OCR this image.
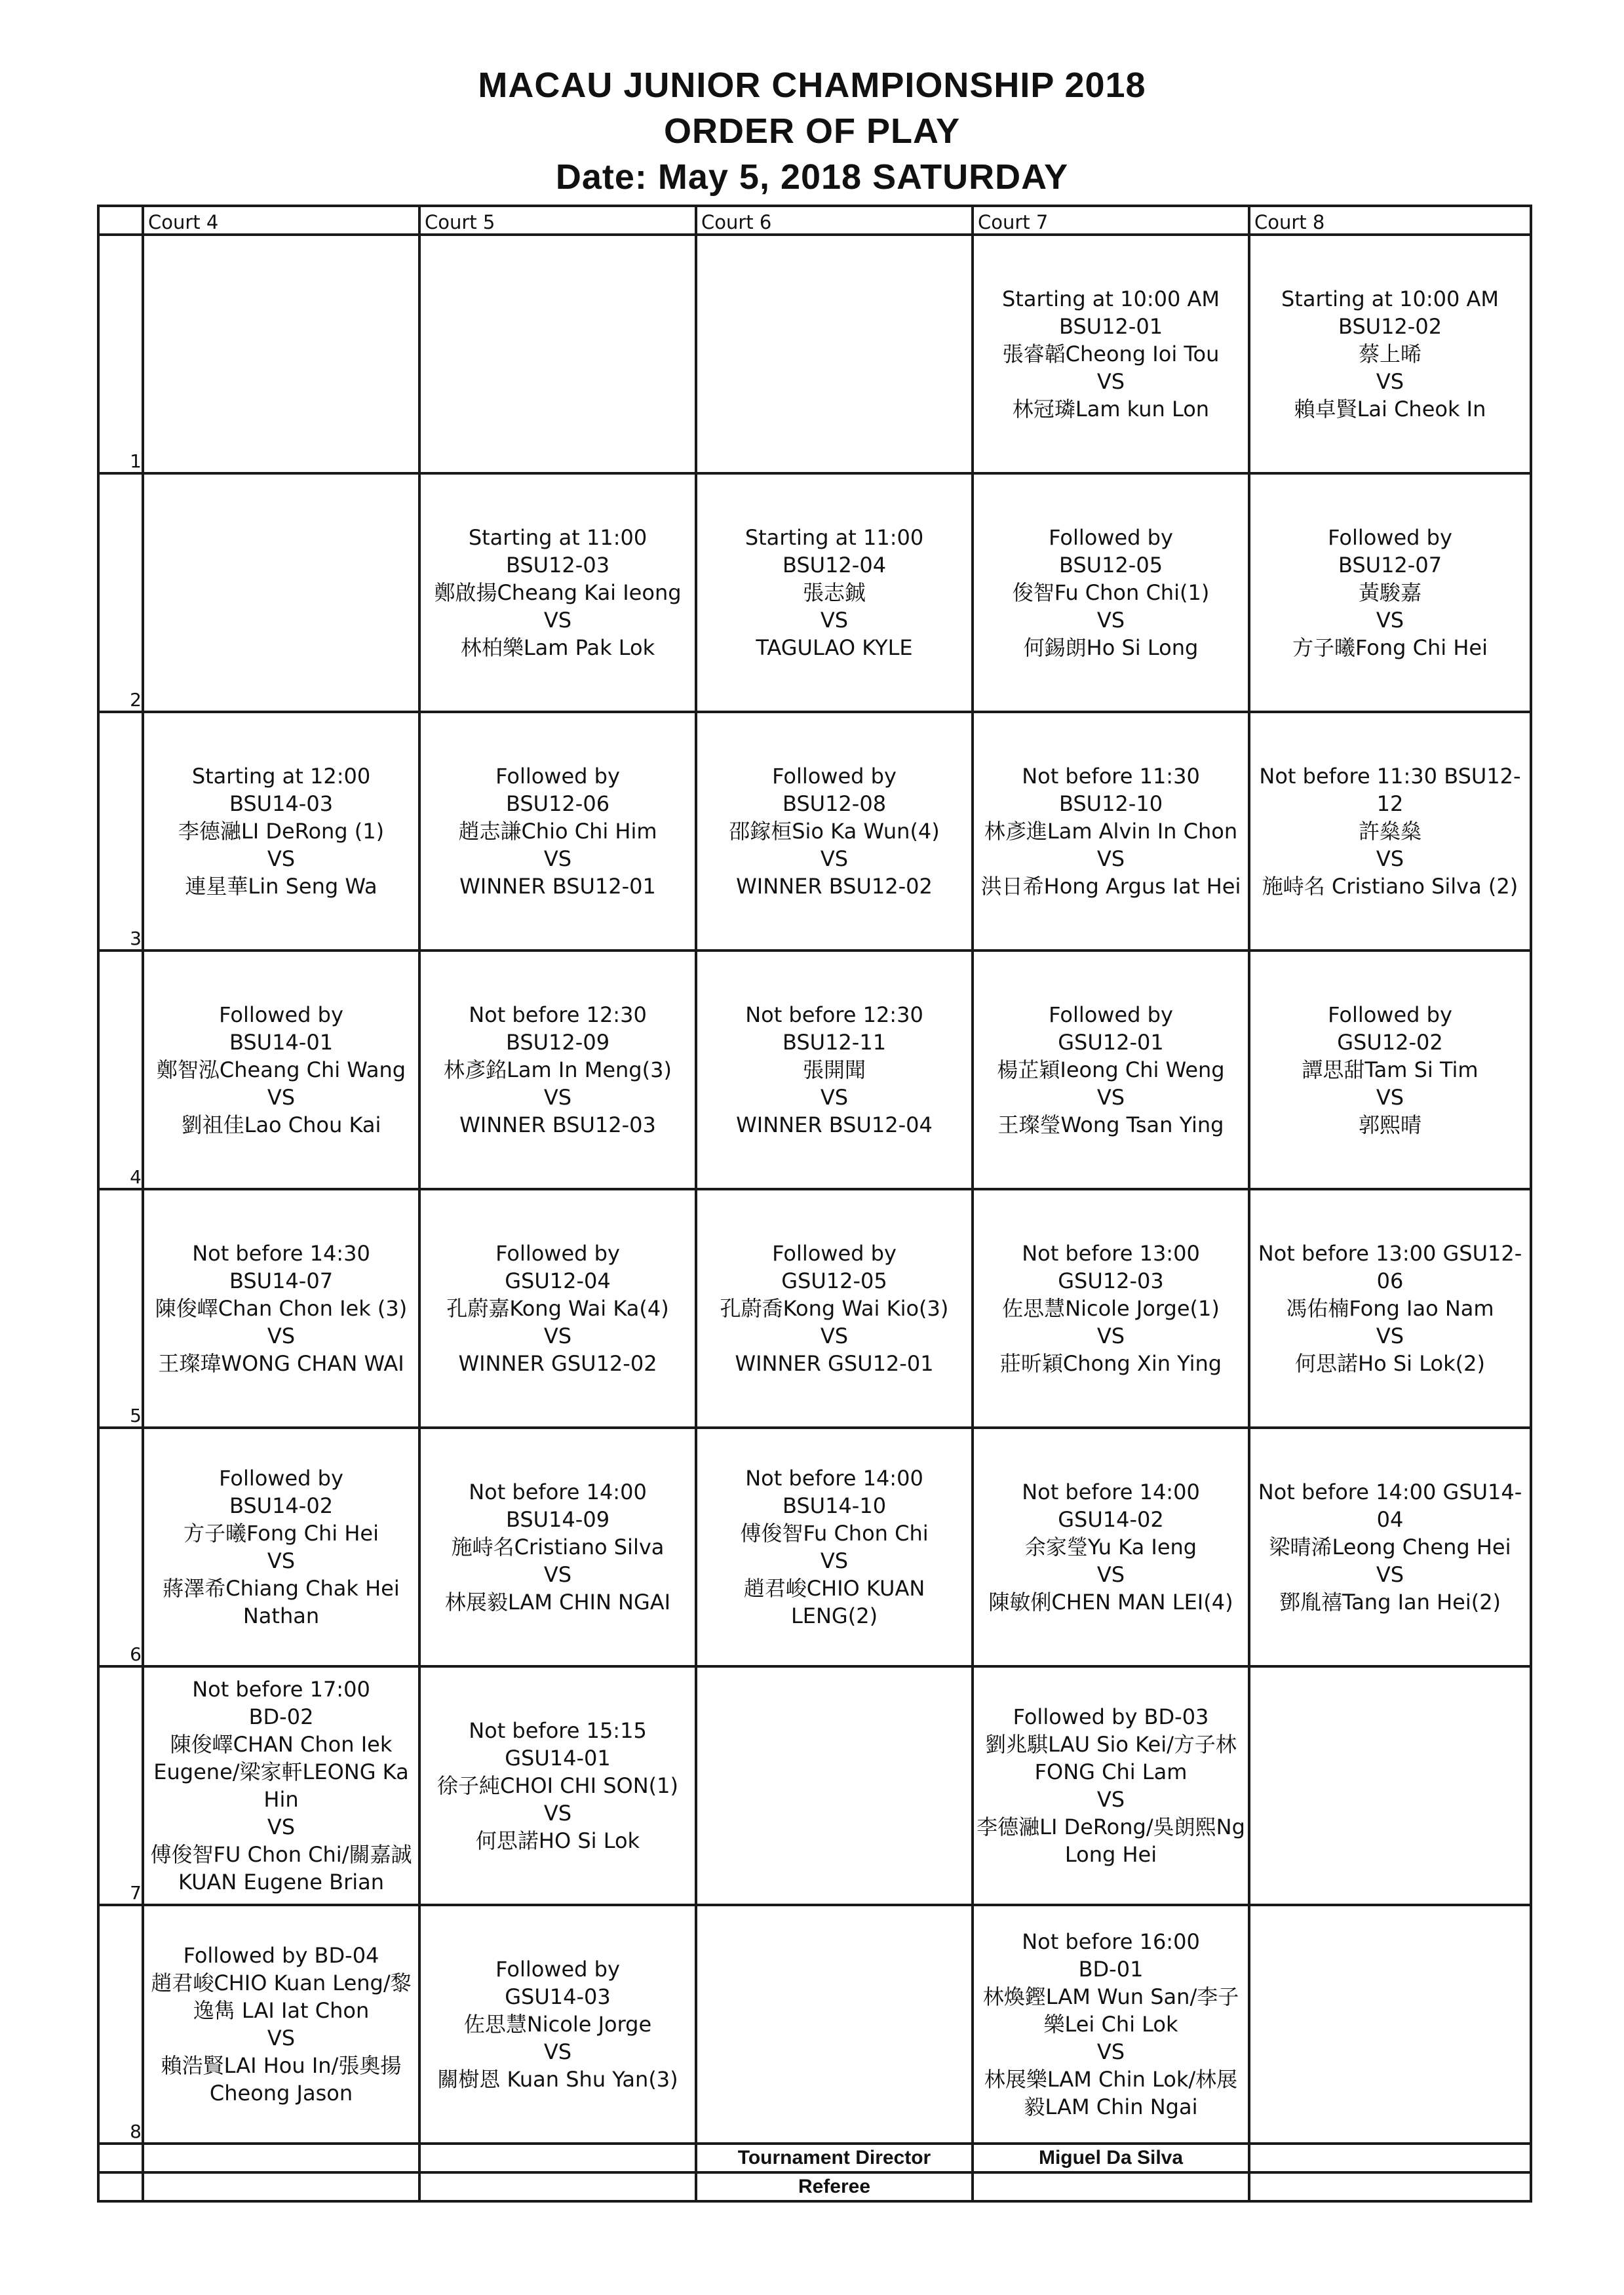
MACAU JUNIOR CHAMPIONSHIP 2018
ORDER OF PLAY
Date: May 5, 2018 SATURDAY
	Court 4	Court 5	Court 6	Court 7	Court 8
1				Starting at 10:00 AM
BSU12-01
張睿韜Cheong Ioi Tou
VS
林冠璘Lam kun Lon	Starting at 10:00 AM
BSU12-02
蔡上晞
VS
賴卓賢Lai Cheok In

2		Starting at 11:00
BSU12-03
鄭啟揚Cheang Kai Ieong
VS
林柏樂Lam Pak Lok	Starting at 11:00
BSU12-04
張志鋮
VS
TAGULAO KYLE	Followed by
BSU12-05
俊智Fu Chon Chi(1)
VS
何錫朗Ho Si Long	Followed by
BSU12-07
黃駿嘉
VS
方子曦Fong Chi Hei

3	Starting at 12:00
BSU14-03
李德瀜LI DeRong (1)
VS
連星華Lin Seng Wa	Followed by
BSU12-06
趙志謙Chio Chi Him
VS
WINNER BSU12-01	Followed by
BSU12-08
邵鎵桓Sio Ka Wun(4)
VS
WINNER BSU12-02	Not before 11:30
BSU12-10
林彥進Lam Alvin In Chon
VS
洪日希Hong Argus Iat Hei	Not before 11:30 BSU12-12
許燊燊
VS
施峙名 Cristiano Silva (2)

4	Followed by
BSU14-01
鄭智泓Cheang Chi Wang
VS
劉祖佳Lao Chou Kai	Not before 12:30
BSU12-09
林彥銘Lam In Meng(3)
VS
WINNER BSU12-03	Not before 12:30
BSU12-11
張開聞
VS
WINNER BSU12-04	Followed by
GSU12-01
楊芷穎Ieong Chi Weng
VS
王璨瑩Wong Tsan Ying	Followed by
GSU12-02
譚思甜Tam Si Tim
VS
郭熙晴

5	Not before 14:30
BSU14-07
陳俊嶧Chan Chon Iek (3)
VS
王璨瑋WONG CHAN WAI	Followed by
GSU12-04
孔蔚嘉Kong Wai Ka(4)
VS
WINNER GSU12-02	Followed by
GSU12-05
孔蔚喬Kong Wai Kio(3)
VS
WINNER GSU12-01	Not before 13:00
GSU12-03
佐思慧Nicole Jorge(1)
VS
莊昕穎Chong Xin Ying	Not before 13:00 GSU12-06
馮佑楠Fong Iao Nam
VS
何思諾Ho Si Lok(2)

6	Followed by
BSU14-02
方子曦Fong Chi Hei
VS
蔣澤希Chiang Chak Hei Nathan	Not before 14:00
BSU14-09
施峙名Cristiano Silva
VS
林展毅LAM CHIN NGAI	Not before 14:00
BSU14-10
傅俊智Fu Chon Chi
VS
趙君峻CHIO KUAN LENG(2)	Not before 14:00
GSU14-02
余家瑩Yu Ka Ieng
VS
陳敏俐CHEN MAN LEI(4)	Not before 14:00 GSU14-04
梁晴浠Leong Cheng Hei
VS
鄧胤禧Tang Ian Hei(2)

7	Not before 17:00
BD-02
陳俊嶧CHAN Chon Iek Eugene/梁家軒LEONG Ka Hin
VS
傅俊智FU Chon Chi/關嘉誠KUAN Eugene Brian	Not before 15:15
GSU14-01
徐子純CHOI CHI SON(1)
VS
何思諾HO Si Lok		Followed by BD-03
劉兆騏LAU Sio Kei/方子林FONG Chi Lam
VS
李德瀜LI DeRong/吳朗熙Ng Long Hei	

8	Followed by BD-04
趙君峻CHIO Kuan Leng/黎逸雋 LAI Iat Chon
VS
賴浩賢LAI Hou In/張奧揚Cheong Jason	Followed by
GSU14-03
佐思慧Nicole Jorge
VS
關樹恩 Kuan Shu Yan(3)		Not before 16:00
BD-01
林煥鏗LAM Wun San/李子樂Lei Chi Lok
VS
林展樂LAM Chin Lok/林展毅LAM Chin Ngai	

			Tournament Director	Miguel Da Silva	
			Referee		
